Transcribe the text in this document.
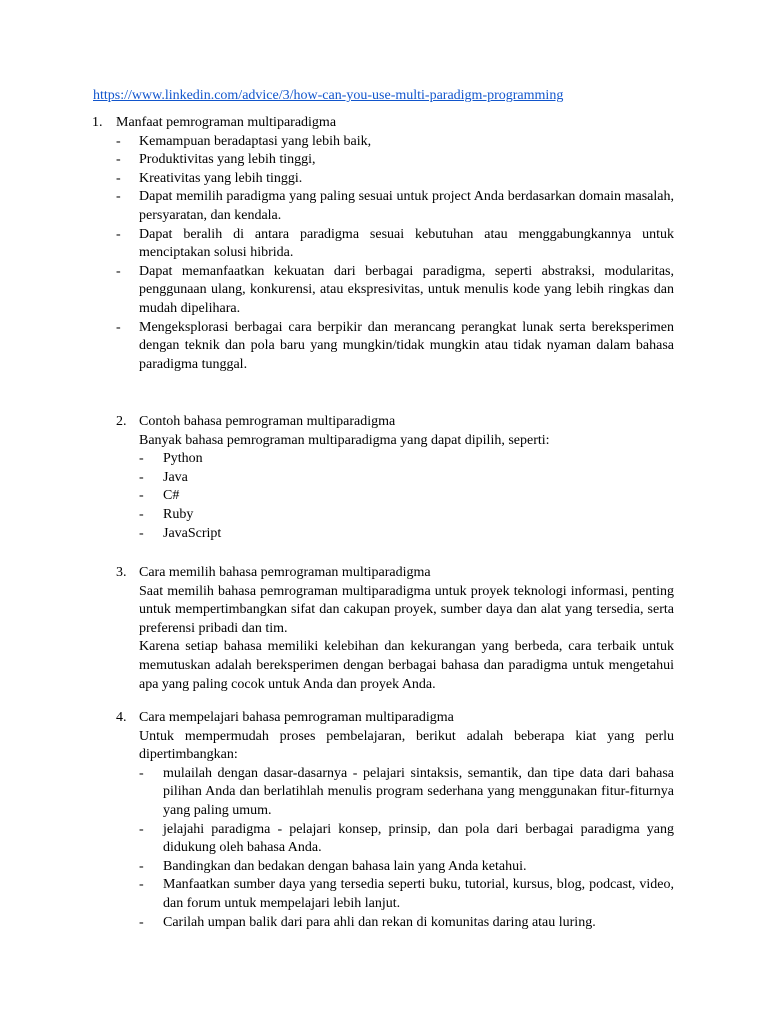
https://www.linkedin.com/advice/3/how-can-you-use-multi-paradigm-programming
1. Manfaat pemrograman multiparadigma
- Kemampuan beradaptasi yang lebih baik,
- Produktivitas yang lebih tinggi,
- Kreativitas yang lebih tinggi.
- Dapat memilih paradigma yang paling sesuai untuk project Anda berdasarkan domain masalah, persyaratan, dan kendala.
- Dapat beralih di antara paradigma sesuai kebutuhan atau menggabungkannya untuk menciptakan solusi hibrida.
- Dapat memanfaatkan kekuatan dari berbagai paradigma, seperti abstraksi, modularitas, penggunaan ulang, konkurensi, atau ekspresivitas, untuk menulis kode yang lebih ringkas dan mudah dipelihara.
- Mengeksplorasi berbagai cara berpikir dan merancang perangkat lunak serta bereksperimen dengan teknik dan pola baru yang mungkin/tidak mungkin atau tidak nyaman dalam bahasa paradigma tunggal.
2. Contoh bahasa pemrograman multiparadigma
Banyak bahasa pemrograman multiparadigma yang dapat dipilih, seperti:
- Python
- Java
- C#
- Ruby
- JavaScript
3. Cara memilih bahasa pemrograman multiparadigma
Saat memilih bahasa pemrograman multiparadigma untuk proyek teknologi informasi, penting untuk mempertimbangkan sifat dan cakupan proyek, sumber daya dan alat yang tersedia, serta preferensi pribadi dan tim.
Karena setiap bahasa memiliki kelebihan dan kekurangan yang berbeda, cara terbaik untuk memutuskan adalah bereksperimen dengan berbagai bahasa dan paradigma untuk mengetahui apa yang paling cocok untuk Anda dan proyek Anda.
4. Cara mempelajari bahasa pemrograman multiparadigma
Untuk mempermudah proses pembelajaran, berikut adalah beberapa kiat yang perlu dipertimbangkan:
- mulailah dengan dasar-dasarnya - pelajari sintaksis, semantik, dan tipe data dari bahasa pilihan Anda dan berlatihlah menulis program sederhana yang menggunakan fitur-fiturnya yang paling umum.
- jelajahi paradigma - pelajari konsep, prinsip, dan pola dari berbagai paradigma yang didukung oleh bahasa Anda.
- Bandingkan dan bedakan dengan bahasa lain yang Anda ketahui.
- Manfaatkan sumber daya yang tersedia seperti buku, tutorial, kursus, blog, podcast, video, dan forum untuk mempelajari lebih lanjut.
- Carilah umpan balik dari para ahli dan rekan di komunitas daring atau luring.
